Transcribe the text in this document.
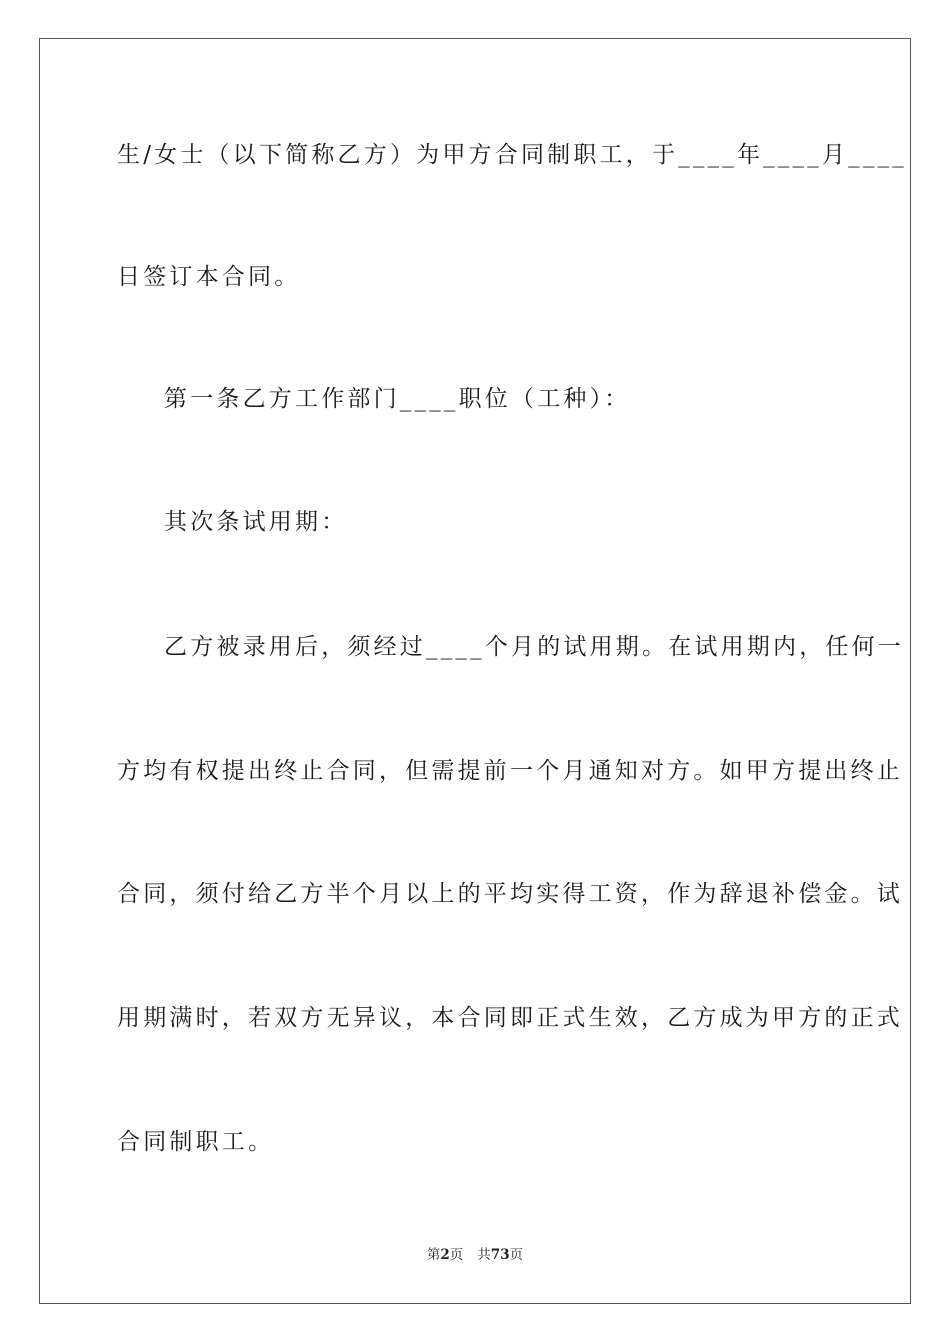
生/女士（以下简称乙方）为甲方合同制职工，于____年____月____
日签订本合同。
第一条乙方工作部门____职位（工种）：
其次条试用期：
乙方被录用后，须经过____个月的试用期。在试用期内，任何一
方均有权提出终止合同，但需提前一个月通知对方。如甲方提出终止
合同，须付给乙方半个月以上的平均实得工资，作为辞退补偿金。试
用期满时，若双方无异议，本合同即正式生效，乙方成为甲方的正式
合同制职工。
第2页 共73页
